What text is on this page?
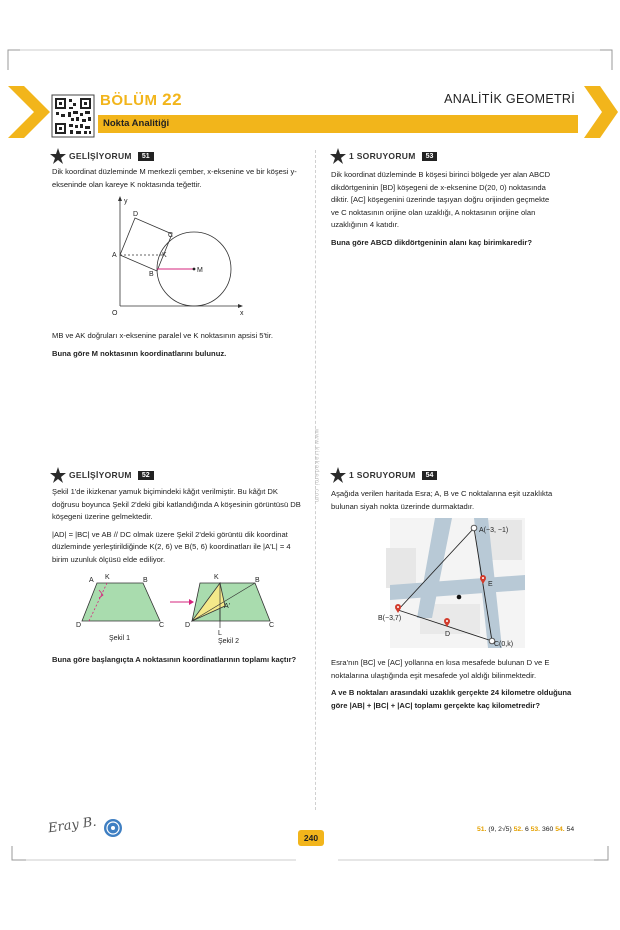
BÖLÜM 22
Nokta Analitiği
ANALİTİK GEOMETRİ
www.kirakademi.com
GELİŞİYORUM	51
Dik koordinat düzleminde M merkezli çember, x-eksenine ve bir köşesi y-ekseninde olan kareye K noktasında teğettir.
y
x
O
D
C
A	K
B
M

MB ve AK doğruları x-eksenine paralel ve K noktasının apsisi 5'tir.

Buna göre M noktasının koordinatlarını bulunuz.

1 SORUYORUM	53

Dik koordinat düzleminde B köşesi birinci bölgede yer alan ABCD dikdörtgeninin [BD] köşegeni de x-eksenine D(20, 0) noktasında diktir. [AC] köşegenini üzerinde taşıyan doğru orijinden geçmekte ve C noktasının orijine olan uzaklığı, A noktasının orijine olan uzaklığının 4 katıdır.

Buna göre ABCD dikdörtgeninin alanı kaç birimkaredir?

GELİŞİYORUM	52

Şekil 1'de ikizkenar yamuk biçimindeki kâğıt verilmiştir. Bu kâğıt DK doğrusu boyunca Şekil 2'deki gibi katlandığında A köşesinin görüntüsü DB köşegeni üzerine gelmektedir.

|AD| = |BC| ve AB // DC olmak üzere Şekil 2'deki görüntü dik koordinat düzleminde yerleştirildiğinde K(2, 6) ve B(5, 6) koordinatları ile |A'L| = 4 birim uzunluk ölçüsü elde ediliyor.

A K	B
D	C
Şekil 1
K	B
A'
D	C
L
Şekil 2
Buna göre başlangıçta A noktasının koordinatlarının toplamı kaçtır?
1 SORUYORUM	54
Aşağıda verilen haritada Esra; A, B ve C noktalarına eşit uzaklıkta bulunan siyah nokta üzerinde durmaktadır.
A(−3, −1)
B(−3,7)
D
E
C(0,k)

Esra'nın [BC] ve [AC] yollarına en kısa mesafede bulunan D ve E noktalarına ulaştığında eşit mesafede yol aldığı bilinmektedir.

A ve B noktaları arasındaki uzaklık gerçekte 24 kilometre olduğuna göre |AB| + |BC| + |AC| toplamı gerçekte kaç kilometredir?

Eray B.
240
51. (9, 2√5) 52. 6 53. 360 54. 54
